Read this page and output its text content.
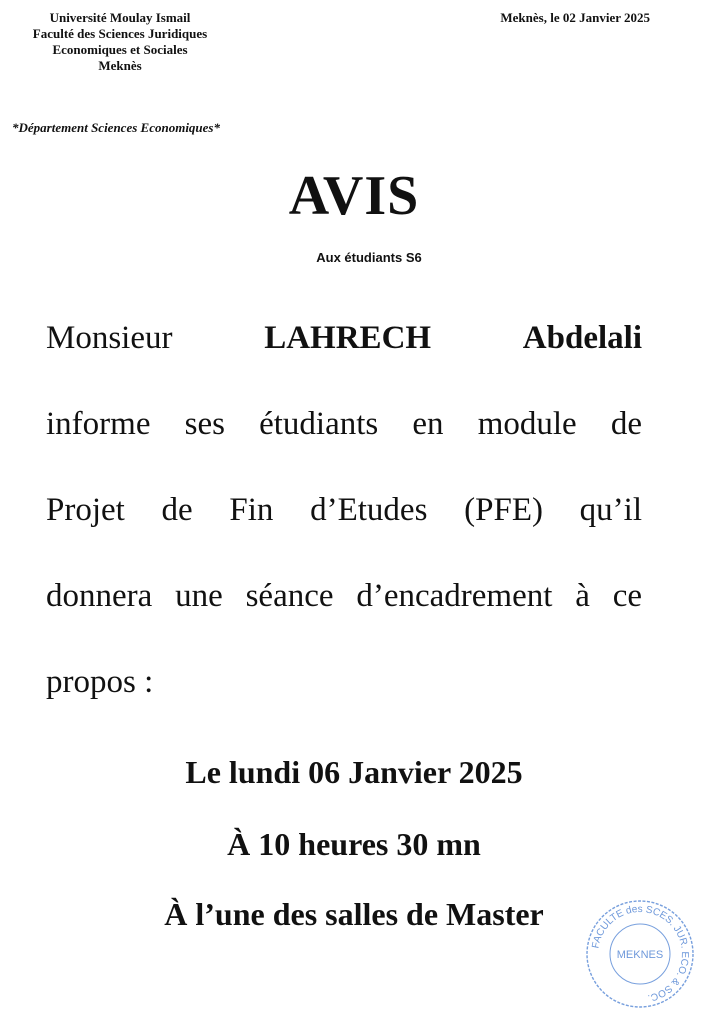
Université Moulay Ismail
Faculté des Sciences Juridiques
Economiques et Sociales
Meknès
Meknès, le 02 Janvier 2025
*Département Sciences Economiques*
AVIS
Aux étudiants S6
Monsieur	LAHRECH	Abdelali
informe ses étudiants en module de
Projet de Fin d’Etudes (PFE) qu’il
donnera une séance d’encadrement à ce
propos :
Le lundi 06 Janvier 2025
À 10 heures 30 mn
À l’une des salles de Master
FACULTE des SCES. JUR. ECO. & SOC.
MEKNES
